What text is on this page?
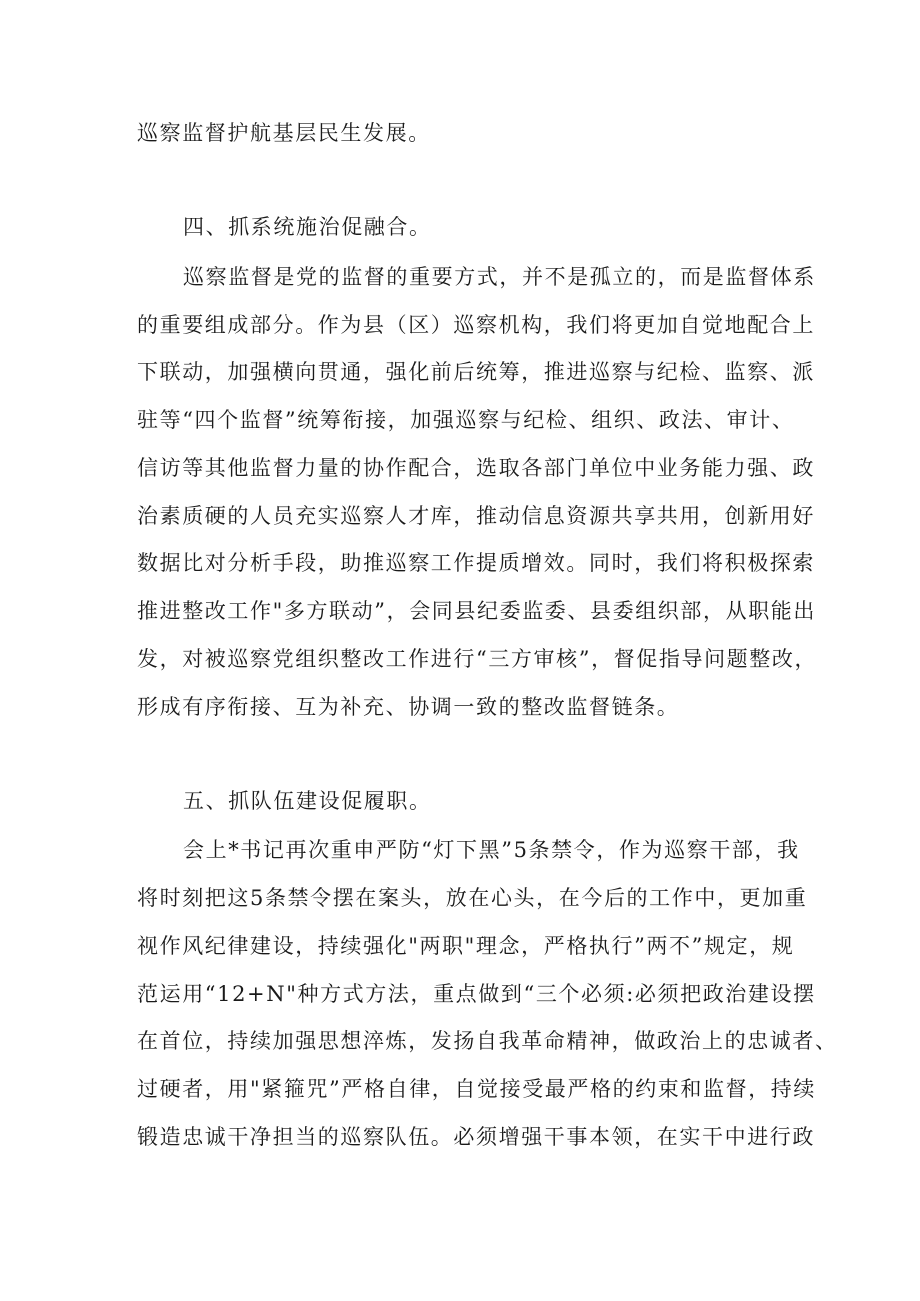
巡察监督护航基层民生发展。
四、抓系统施治促融合。
巡察监督是党的监督的重要方式，并不是孤立的，而是监督体系
的重要组成部分。作为县（区）巡察机构，我们将更加自觉地配合上
下联动，加强横向贯通，强化前后统筹，推进巡察与纪检、监察、派
驻等“四个监督”统筹衔接，加强巡察与纪检、组织、政法、审计、
信访等其他监督力量的协作配合，选取各部门单位中业务能力强、政
治素质硬的人员充实巡察人才库，推动信息资源共享共用，创新用好
数据比对分析手段，助推巡察工作提质增效。同时，我们将积极探索
推进整改工作"多方联动”，会同县纪委监委、县委组织部，从职能出
发，对被巡察党组织整改工作进行“三方审核”，督促指导问题整改，
形成有序衔接、互为补充、协调一致的整改监督链条。
五、抓队伍建设促履职。
会上*书记再次重申严防“灯下黑”5条禁令，作为巡察干部，我
将时刻把这5条禁令摆在案头，放在心头，在今后的工作中，更加重
视作风纪律建设，持续强化"两职"理念，严格执行”两不”规定，规
范运用“12+N"种方式方法，重点做到“三个必须:必须把政治建设摆
在首位，持续加强思想淬炼，发扬自我革命精神，做政治上的忠诚者、
过硬者，用"紧箍咒”严格自律，自觉接受最严格的约束和监督，持续
锻造忠诚干净担当的巡察队伍。必须增强干事本领，在实干中进行政
